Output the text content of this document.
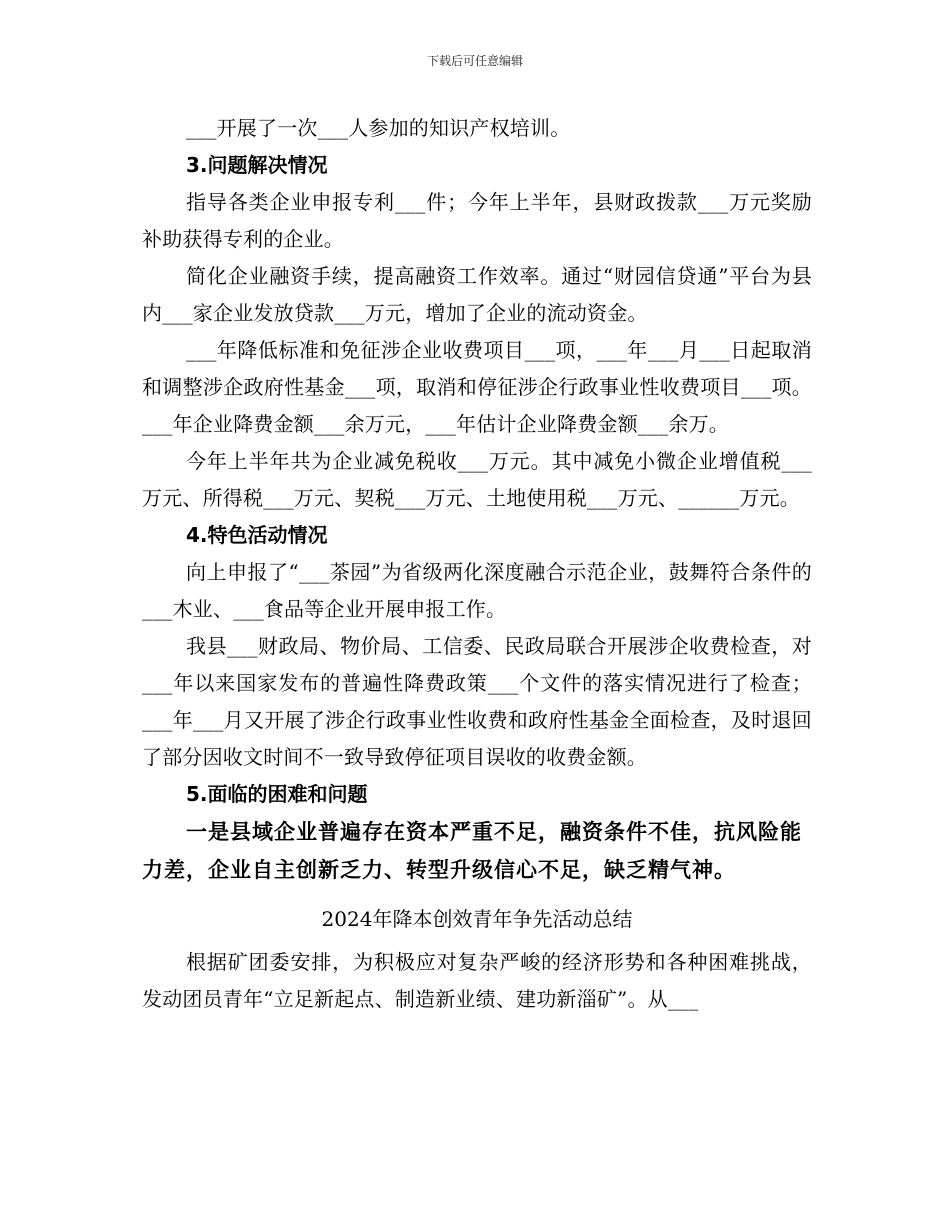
下载后可任意编辑

___开展了一次___人参加的知识产权培训。

3.问题解决情况

指导各类企业申报专利___件；今年上半年，县财政拨款___万元奖励补助获得专利的企业。

简化企业融资手续，提高融资工作效率。通过“财园信贷通”平台为县内___家企业发放贷款___万元，增加了企业的流动资金。

___年降低标准和免征涉企业收费项目___项，___年___月___日起取消和调整涉企政府性基金___项，取消和停征涉企行政事业性收费项目___项。___年企业降费金额___余万元，___年估计企业降费金额___余万。

今年上半年共为企业减免税收___万元。其中减免小微企业增值税___万元、所得税___万元、契税___万元、土地使用税___万元、______万元。

4.特色活动情况

向上申报了“___茶园”为省级两化深度融合示范企业，鼓舞符合条件的___木业、___食品等企业开展申报工作。

我县___财政局、物价局、工信委、民政局联合开展涉企收费检查，对___年以来国家发布的普遍性降费政策___个文件的落实情况进行了检查；___年___月又开展了涉企行政事业性收费和政府性基金全面检查，及时退回了部分因收文时间不一致导致停征项目误收的收费金额。

5.面临的困难和问题

一是县域企业普遍存在资本严重不足，融资条件不佳，抗风险能力差，企业自主创新乏力、转型升级信心不足，缺乏精气神。

2024年降本创效青年争先活动总结

根据矿团委安排，为积极应对复杂严峻的经济形势和各种困难挑战，发动团员青年“立足新起点、制造新业绩、建功新淄矿”。从___
